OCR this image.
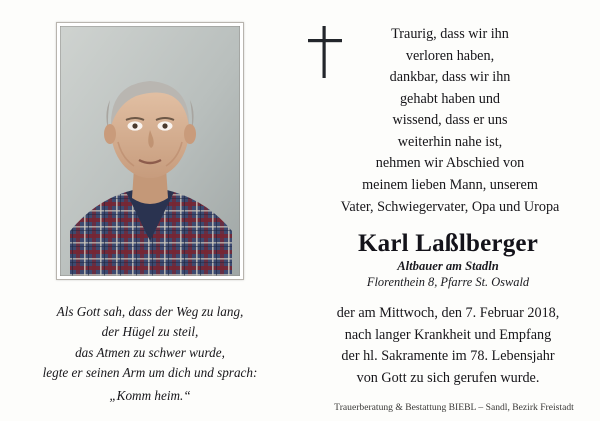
Als Gott sah, dass der Weg zu lang,
der Hügel zu steil,
das Atmen zu schwer wurde,
legte er seinen Arm um dich und sprach:
„Komm heim.“
Traurig, dass wir ihn
verloren haben,
dankbar, dass wir ihn
gehabt haben und
wissend, dass er uns
weiterhin nahe ist,
nehmen wir Abschied von
meinem lieben Mann, unserem
Vater, Schwiegervater, Opa und Uropa
Karl Laßlberger
Altbauer am Stadln
Florenthein 8, Pfarre St. Oswald
der am Mittwoch, den 7. Februar 2018,
nach langer Krankheit und Empfang
der hl. Sakramente im 78. Lebensjahr
von Gott zu sich gerufen wurde.
Trauerberatung & Bestattung BIEBL – Sandl, Bezirk Freistadt
